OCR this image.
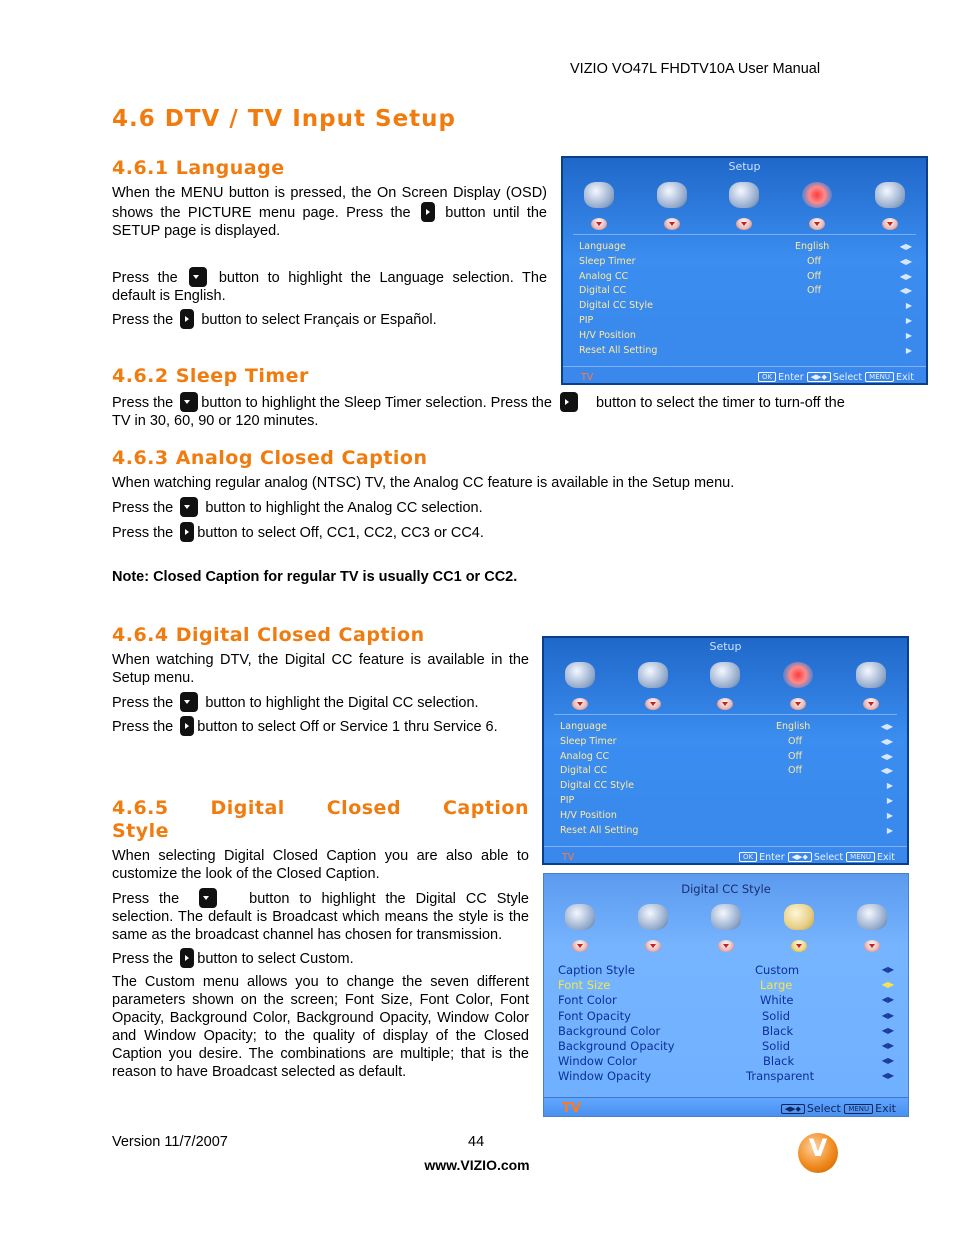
VIZIO VO47L FHDTV10A User Manual
4.6 DTV / TV Input Setup
4.6.1 Language

When the MENU button is pressed, the On Screen Display (OSD) shows the PICTURE menu page. Press the button until the SETUP page is displayed.

Press the	button to highlight the Language selection. The default is English.

Press the button to select Français or Español.

Setup
Language	English	◀▶
Sleep Timer	Off	◀▶
Analog CC	Off	◀▶
Digital CC	Off	◀▶
Digital CC Style	▶
PIP	▶
H/V Position	▶
Reset All Setting	▶
TV	OK Enter ◀▶◆ Select MENU Exit
4.6.2 Sleep Timer

Press the button to highlight the Sleep Timer selection. Press the	button to select the timer to turn-off the TV in 30, 60, 90 or 120 minutes.

4.6.3 Analog Closed Caption

When watching regular analog (NTSC) TV, the Analog CC feature is available in the Setup menu.

Press the button to highlight the Analog CC selection.

Press the button to select Off, CC1, CC2, CC3 or CC4.

Note: Closed Caption for regular TV is usually CC1 or CC2.

4.6.4 Digital Closed Caption

When watching DTV, the Digital CC feature is available in the Setup menu.

Press the button to highlight the Digital CC selection.

Press the button to select Off or Service 1 thru Service 6.

Setup
Language	English	◀▶
Sleep Timer	Off	◀▶
Analog CC	Off	◀▶
Digital CC	Off	◀▶
Digital CC Style	▶
PIP	▶
H/V Position	▶
Reset All Setting	▶
TV	OK Enter ◀▶◆ Select MENU Exit
4.6.5 Digital Closed Caption
Style

When selecting Digital Closed Caption you are also able to customize the look of the Closed Caption.

Press the	button to highlight the Digital CC Style selection. The default is Broadcast which means the style is the same as the broadcast channel has chosen for transmission.

Press the button to select Custom.

The Custom menu allows you to change the seven different parameters shown on the screen; Font Size, Font Color, Font Opacity, Background Color, Background Opacity, Window Color and Window Opacity; to the quality of display of the Closed Caption you desire. The combinations are multiple; that is the reason to have Broadcast selected as default.

Digital CC Style
Caption Style	Custom	◀▶
Font Size	Large	◀▶
Font Color	White	◀▶
Font Opacity	Solid	◀▶
Background Color	Black	◀▶
Background Opacity	Solid	◀▶
Window Color	Black	◀▶
Window Opacity	Transparent	◀▶
TV	◀▶◆ Select MENU Exit
Version 11/7/2007	44
www.VIZIO.com
V
